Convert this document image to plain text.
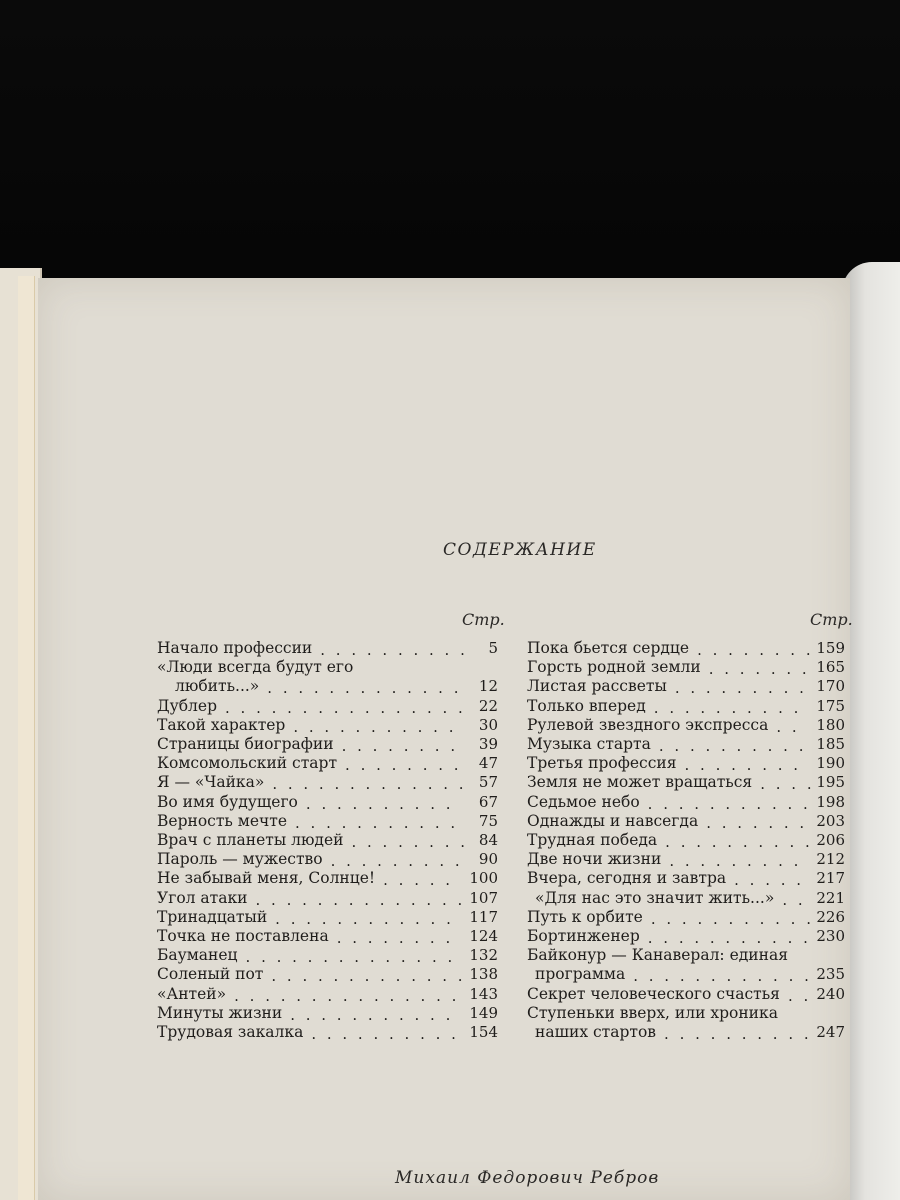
СОДЕРЖАНИЕ
Стр.	Стр.
Начало профессии . . . . . . . . . .	5
«Люди всегда будут его
любить...» . . . . . . . . . . . . .	12
Дублер . . . . . . . . . . . . . . . . 22
Такой характер . . . . . . . . . . .	30
Страницы биографии . . . . . . . .	39
Комсомольский старт . . . . . . . .	47
Я — «Чайка» . . . . . . . . . . . . . 57
Во имя будущего . . . . . . . . . .	67
Верность мечте . . . . . . . . . . .	75
Врач с планеты людей . . . . . . . . 84
Пароль — мужество . . . . . . . . .	90
Не забывай меня, Солнце! . . . . .	100
Угол атаки . . . . . . . . . . . . . . 107
Тринадцатый . . . . . . . . . . . .	117
Точка не поставлена . . . . . . . .	124
Бауманец . . . . . . . . . . . . . . 132
Соленый пот . . . . . . . . . . . . . 138
«Антей» . . . . . . . . . . . . . . . 143
Минуты жизни . . . . . . . . . . .	149
Трудовая закалка . . . . . . . . . . 154
Пока бьется сердце . . . . . . . . 159
Горсть родной земли . . . . . . . 165
Листая рассветы . . . . . . . . . 170
Только вперед . . . . . . . . . . 175
Рулевой звездного экспресса . .	180
Музыка старта . . . . . . . . . . 185
Третья профессия . . . . . . . .	190
Земля не может вращаться . . . . 195
Седьмое небо . . . . . . . . . . . 198
Однажды и навсегда . . . . . . . 203
Трудная победа . . . . . . . . . . 206
Две ночи жизни . . . . . . . . . 212
Вчера, сегодня и завтра . . . . . 217
«Для нас это значит жить...» . . 221
Путь к орбите . . . . . . . . . . . 226
Бортинженер . . . . . . . . . . . 230
Байконур — Канаверал: единая
программа . . . . . . . . . . . . 235
Секрет человеческого счастья . . 240
Ступеньки вверх, или хроника
наших стартов . . . . . . . . . . 247
Михаил Федорович Ребров
